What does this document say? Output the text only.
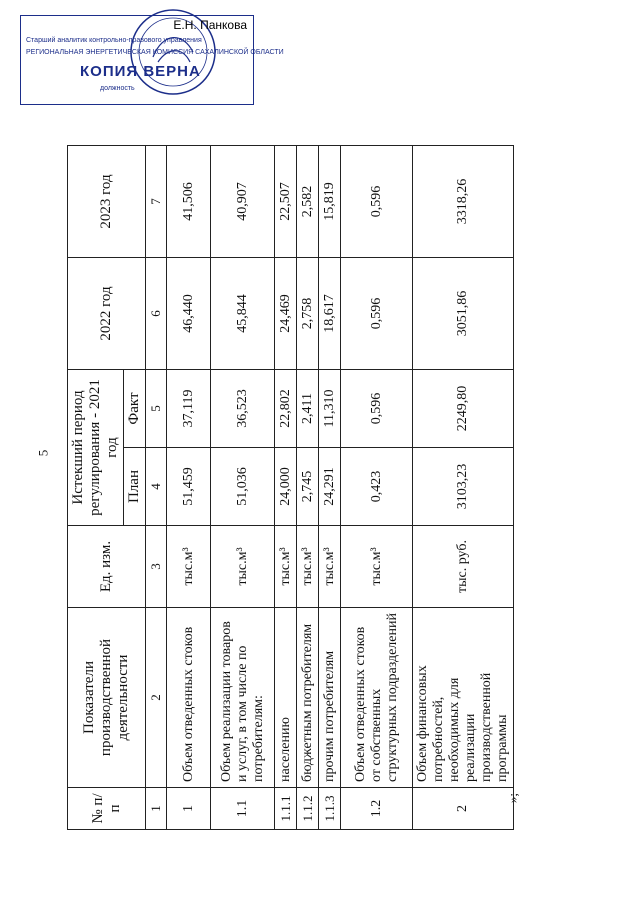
5
»;
Е.Н. Панкова
Старший аналитик контрольно-правового управления
РЕГИОНАЛЬНАЯ ЭНЕРГЕТИЧЕСКАЯ КОМИССИЯ САХАЛИНСКОЙ ОБЛАСТИ
КОПИЯ ВЕРНА
должность
№ п/п	Показатели производственной деятельности	Ед. изм.	Истекший период регулирования - 2021 год		2022 год	2023 год
			План	Факт		
1	2	3	4	5	6	7
1	Объем отведенных стоков	тыс.м³	51,459	37,119	46,440	41,506
1.1	Объем реализации товаров и услуг, в том числе по потребителям:	тыс.м³	51,036	36,523	45,844	40,907
1.1.1	населению	тыс.м³	24,000	22,802	24,469	22,507
1.1.2	бюджетным потребителям	тыс.м³	2,745	2,411	2,758	2,582
1.1.3	прочим потребителям	тыс.м³	24,291	11,310	18,617	15,819
1.2	Объем отведенных стоков от собственных структурных подразделений	тыс.м³	0,423	0,596	0,596	0,596
2	Объем финансовых потребностей, необходимых для реализации производственной программы	тыс. руб.	3103,23	2249,80	3051,86	3318,26
